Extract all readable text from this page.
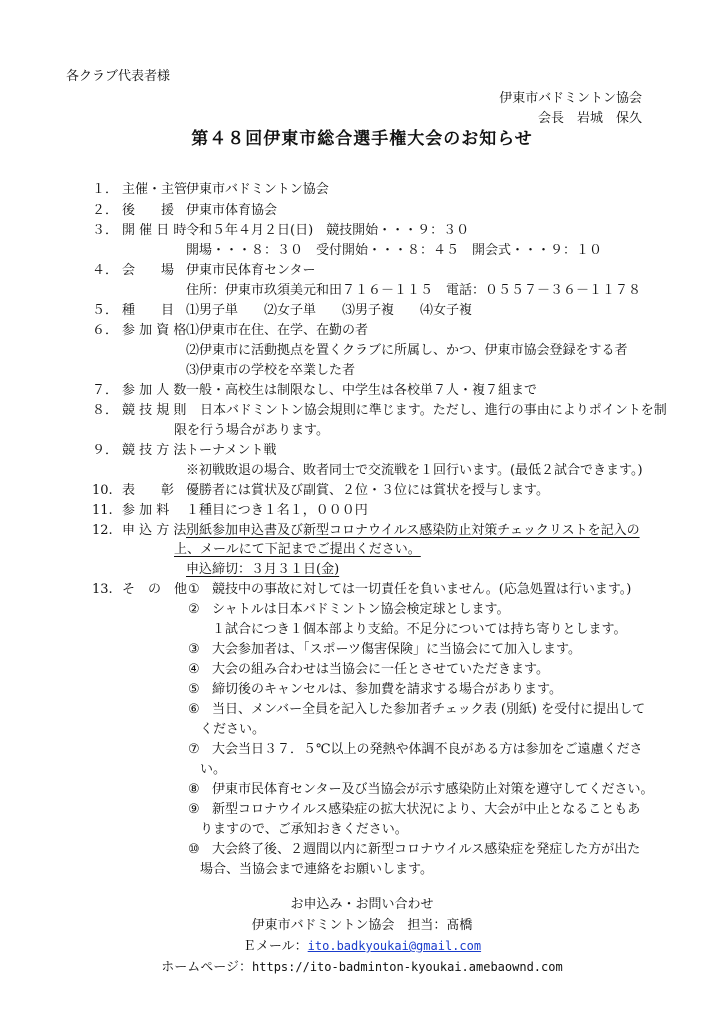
各クラブ代表者様
伊東市バドミントン協会
会長　岩城　保久
第４８回伊東市総合選手権大会のお知らせ
１． 主催・主管
伊東市バドミントン協会
２． 後　　援 伊東市体育協会
３． 開 催 日 時 令和５年４月２日(日)　競技開始・・・９：３０
開場・・・８：３０　受付開始・・・８：４５　開会式・・・９：１０
４． 会　　場 伊東市民体育センター
住所：伊東市玖須美元和田７１６－１１５　電話：０５５７－３６－１１７８
５． 種　　目 ⑴男子単　　⑵女子単　　⑶男子複　　⑷女子複
６． 参 加 資 格 ⑴伊東市在住、在学、在勤の者
⑵伊東市に活動拠点を置くクラブに所属し、かつ、伊東市協会登録をする者
⑶伊東市の学校を卒業した者
７． 参 加 人 数 一般・高校生は制限なし、中学生は各校単７人・複７組まで
８． 競 技 規 則 日本バドミントン協会規則に準じます。ただし、進行の事由によりポイントを制
限を行う場合があります。
９． 競 技 方 法 トーナメント戦
※初戦敗退の場合、敗者同士で交流戦を１回行います。(最低２試合できます。)
10. 表　　彰 優勝者には賞状及び副賞、２位・３位には賞状を授与します。
11. 参 加 料 １種目につき１名１，０００円
12. 申 込 方 法 別紙参加申込書及び新型コロナウイルス感染防止対策チェックリストを記入の
上、メールにて下記までご提出ください。
申込締切：３月３１日(金)
13. そ　の　他 ① 競技中の事故に対しては一切責任を負いません。(応急処置は行います。)
② シャトルは日本バドミントン協会検定球とします。
１試合につき１個本部より支給。不足分については持ち寄りとします。
③ 大会参加者は、「スポーツ傷害保険」に当協会にて加入します。
④ 大会の組み合わせは当協会に一任とさせていただきます。
⑤ 締切後のキャンセルは、参加費を請求する場合があります。
⑥ 当日、メンバー全員を記入した参加者チェック表 (別紙) を受付に提出して
ください。
⑦ 大会当日３７．５℃以上の発熱や体調不良がある方は参加をご遠慮くださ
い。
⑧ 伊東市民体育センター及び当協会が示す感染防止対策を遵守してください。
⑨ 新型コロナウイルス感染症の拡大状況により、大会が中止となることもあ
りますので、ご承知おきください。
⑩ 大会終了後、２週間以内に新型コロナウイルス感染症を発症した方が出た
場合、当協会まで連絡をお願いします。
お申込み・お問い合わせ
伊東市バドミントン協会　担当：髙橋
Ｅメール：ito.badkyoukai@gmail.com
ホームページ：https://ito-badminton-kyoukai.amebaownd.com
